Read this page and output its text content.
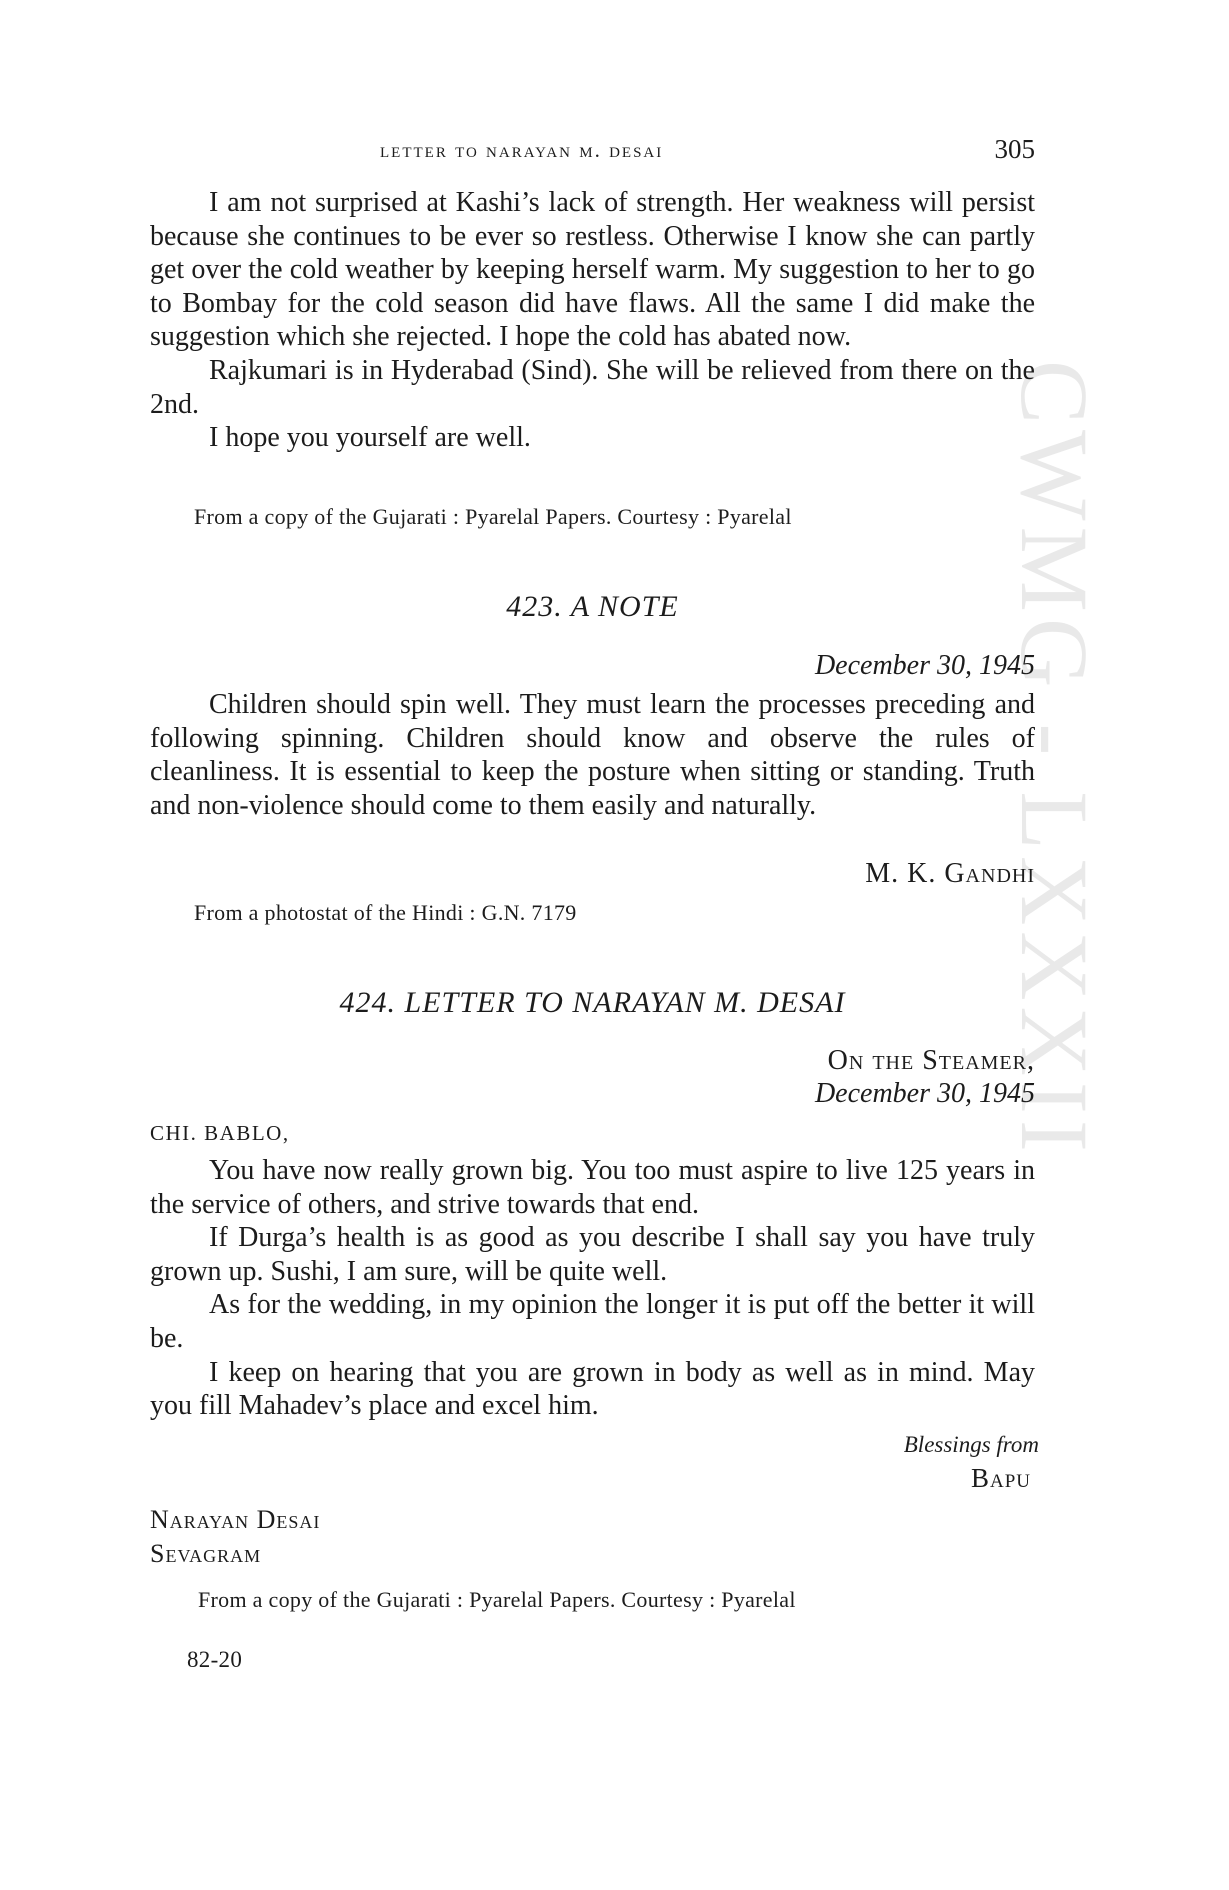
CWMG - LXXXII
letter to narayan m. desai	305

I am not surprised at Kashi’s lack of strength. Her weakness will persist because she continues to be ever so restless. Otherwise I know she can partly get over the cold weather by keeping herself warm. My suggestion to her to go to Bombay for the cold season did have flaws. All the same I did make the suggestion which she rejected. I hope the cold has abated now.

Rajkumari is in Hyderabad (Sind). She will be relieved from there on the 2nd.

I hope you yourself are well.

From a copy of the Gujarati : Pyarelal Papers. Courtesy : Pyarelal
423. A NOTE
December 30, 1945

Children should spin well. They must learn the processes preceding and following spinning. Children should know and observe the rules of cleanliness. It is essential to keep the posture when sitting or standing. Truth and non-violence should come to them easily and naturally.

M. K. Gandhi
From a photostat of the Hindi : G.N. 7179
424. LETTER TO NARAYAN M. DESAI
On the Steamer,
December 30, 1945
CHI. BABLO,

You have now really grown big. You too must aspire to live 125 years in the service of others, and strive towards that end.

If Durga’s health is as good as you describe I shall say you have truly grown up. Sushi, I am sure, will be quite well.

As for the wedding, in my opinion the longer it is put off the better it will be.

I keep on hearing that you are grown in body as well as in mind. May you fill Mahadev’s place and excel him.

Blessings from
Bapu
Narayan Desai
Sevagram
From a copy of the Gujarati : Pyarelal Papers. Courtesy : Pyarelal
82-20
